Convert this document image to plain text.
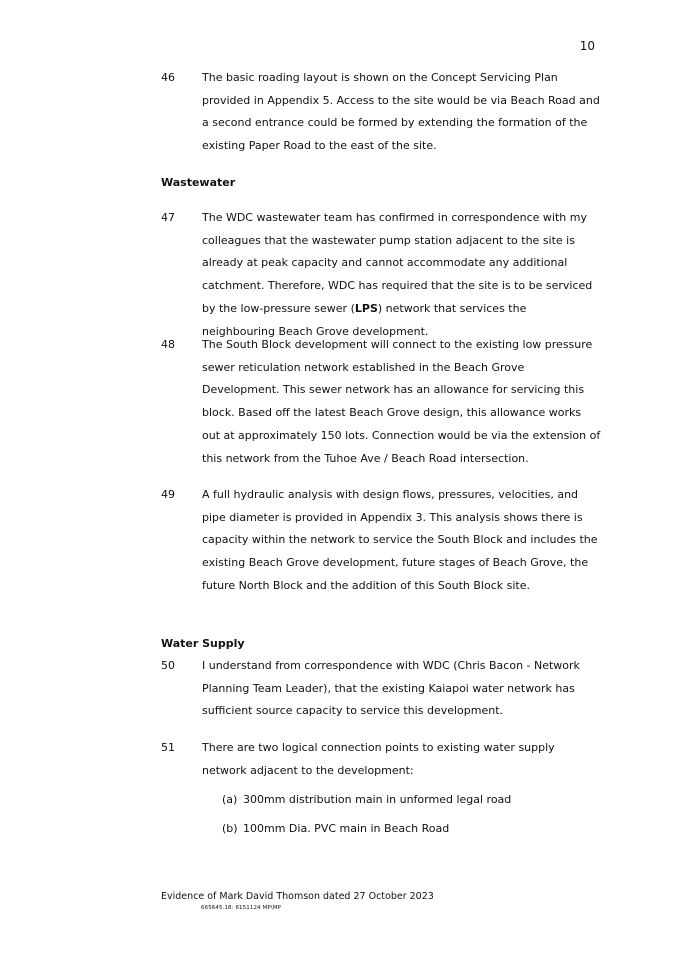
10
46 The basic roading layout is shown on the Concept Servicing Plan provided in Appendix 5. Access to the site would be via Beach Road and a second entrance could be formed by extending the formation of the existing Paper Road to the east of the site.
Wastewater
47 The WDC wastewater team has confirmed in correspondence with my colleagues that the wastewater pump station adjacent to the site is already at peak capacity and cannot accommodate any additional catchment. Therefore, WDC has required that the site is to be serviced by the low-pressure sewer (LPS) network that services the neighbouring Beach Grove development.
48 The South Block development will connect to the existing low pressure sewer reticulation network established in the Beach Grove Development. This sewer network has an allowance for servicing this block. Based off the latest Beach Grove design, this allowance works out at approximately 150 lots. Connection would be via the extension of this network from the Tuhoe Ave / Beach Road intersection.
49 A full hydraulic analysis with design flows, pressures, velocities, and pipe diameter is provided in Appendix 3. This analysis shows there is capacity within the network to service the South Block and includes the existing Beach Grove development, future stages of Beach Grove, the future North Block and the addition of this South Block site.
Water Supply
50 I understand from correspondence with WDC (Chris Bacon - Network Planning Team Leader), that the existing Kaiapoi water network has sufficient source capacity to service this development.
51 There are two logical connection points to existing water supply network adjacent to the development:
(a) 300mm distribution main in unformed legal road
(b) 100mm Dia. PVC main in Beach Road
Evidence of Mark David Thomson dated 27 October 2023
665645.18: 6151124 MP\MP
